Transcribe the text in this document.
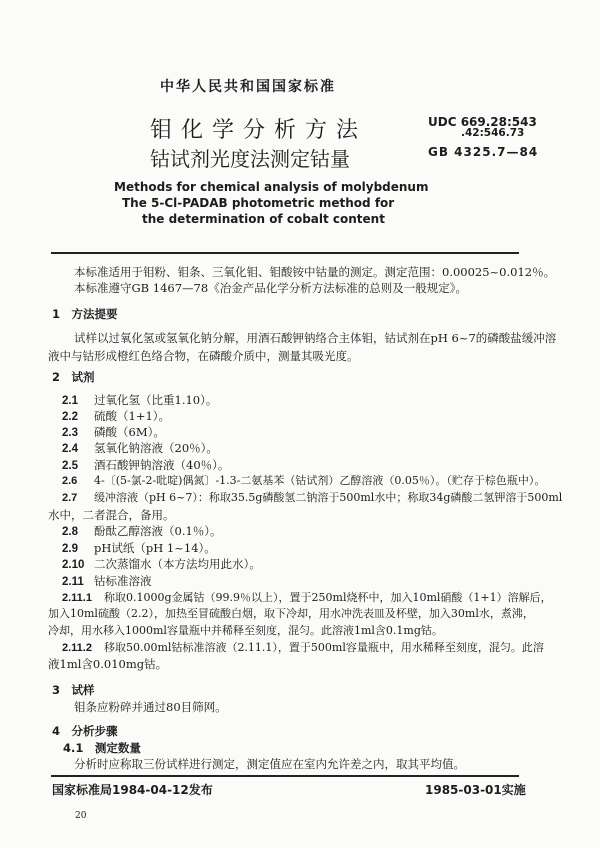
中华人民共和国国家标准
钼化学分析方法
钴试剂光度法测定钴量
UDC 669.28:543
.42:546.73
GB 4325.7—84
Methods for chemical analysis of molybdenum
The 5-Cl-PADAB photometric method for
the determination of cobalt content
本标准适用于钼粉、钼条、三氧化钼、钼酸铵中钴量的测定。测定范围：0.00025~0.012％。
本标准遵守GB 1467—78《冶金产品化学分析方法标准的总则及一般规定》。
1　方法提要
试样以过氧化氢或氢氧化钠分解，用酒石酸钾钠络合主体钼，钴试剂在pH 6~7的磷酸盐缓冲溶
液中与钴形成橙红色络合物，在磷酸介质中，测量其吸光度。
2　试剂
2.1 过氧化氢（比重1.10）。
2.2 硫酸（1+1）。
2.3 磷酸（6M）。
2.4 氢氧化钠溶液（20％）。
2.5 酒石酸钾钠溶液（40％）。
2.6 4-〔(5-氯-2-吡啶)偶氮〕-1.3-二氨基苯（钴试剂）乙醇溶液（0.05％）。（贮存于棕色瓶中）。
2.7 缓冲溶液（pH 6~7）：称取35.5g磷酸氢二钠溶于500ml水中；称取34g磷酸二氢钾溶于500ml
水中，二者混合，备用。
2.8 酚酞乙醇溶液（0.1％）。
2.9 pH试纸（pH 1~14）。
2.10 二次蒸馏水（本方法均用此水）。
2.11 钴标准溶液
2.11.1 称取0.1000g金属钴（99.9％以上），置于250ml烧杯中，加入10ml硝酸（1+1）溶解后，
加入10ml硫酸（2.2），加热至冒硫酸白烟，取下冷却，用水冲洗表皿及杯壁，加入30ml水，煮沸，
冷却，用水移入1000ml容量瓶中并稀释至刻度，混匀。此溶液1ml含0.1mg钴。
2.11.2 移取50.00ml钴标准溶液（2.11.1），置于500ml容量瓶中，用水稀释至刻度，混匀。此溶
液1ml含0.010mg钴。
3　试样
钼条应粉碎并通过80目筛网。
4　分析步骤
4.1　测定数量
分析时应称取三份试样进行测定，测定值应在室内允许差之内，取其平均值。
国家标准局1984-04-12发布	1985-03-01实施
20
